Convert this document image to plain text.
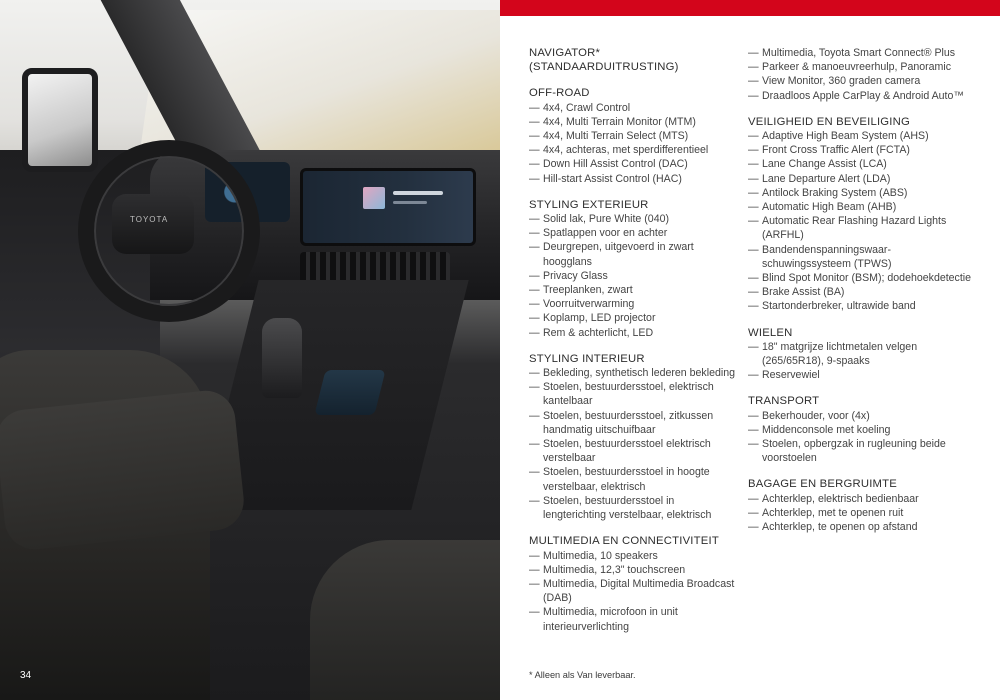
TOYOTA
34
NAVIGATOR*
(STANDAARDUITRUSTING)
OFF-ROAD
— 4x4, Crawl Control
— 4x4, Multi Terrain Monitor (MTM)
— 4x4, Multi Terrain Select (MTS)
— 4x4, achteras, met sperdifferentieel
— Down Hill Assist Control (DAC)
— Hill-start Assist Control (HAC)
STYLING EXTERIEUR
— Solid lak, Pure White (040)
— Spatlappen voor en achter
— Deurgrepen, uitgevoerd in zwart hoogglans
— Privacy Glass
— Treeplanken, zwart
— Voorruitverwarming
— Koplamp, LED projector
— Rem & achterlicht, LED
STYLING INTERIEUR
— Bekleding, synthetisch lederen bekleding
— Stoelen, bestuurdersstoel, elektrisch kantelbaar
— Stoelen, bestuurdersstoel, zitkussen handmatig uitschuifbaar
— Stoelen, bestuurdersstoel elektrisch verstelbaar
— Stoelen, bestuurdersstoel in hoogte verstelbaar, elektrisch
— Stoelen, bestuurdersstoel in lengterichting verstelbaar, elektrisch
MULTIMEDIA EN CONNECTIVITEIT
— Multimedia, 10 speakers
— Multimedia, 12,3" touchscreen
— Multimedia, Digital Multimedia Broadcast (DAB)
— Multimedia, microfoon in unit interieurverlichting
— Multimedia, Toyota Smart Connect® Plus
— Parkeer & manoeuvreerhulp, Panoramic
— View Monitor, 360 graden camera
— Draadloos Apple CarPlay & Android Auto™
VEILIGHEID EN BEVEILIGING
— Adaptive High Beam System (AHS)
— Front Cross Traffic Alert (FCTA)
— Lane Change Assist (LCA)
— Lane Departure Alert (LDA)
— Antilock Braking System (ABS)
— Automatic High Beam (AHB)
— Automatic Rear Flashing Hazard Lights (ARFHL)
— Bandendenspanningswaar-schuwingssysteem (TPWS)
— Blind Spot Monitor (BSM); dodehoekdetectie
— Brake Assist (BA)
— Startonderbreker, ultrawide band
WIELEN
— 18" matgrijze lichtmetalen velgen (265/65R18), 9-spaaks
— Reservewiel
TRANSPORT
— Bekerhouder, voor (4x)
— Middenconsole met koeling
— Stoelen, opbergzak in rugleuning beide voorstoelen
BAGAGE EN BERGRUIMTE
— Achterklep, elektrisch bedienbaar
— Achterklep, met te openen ruit
— Achterklep, te openen op afstand
* Alleen als Van leverbaar.
